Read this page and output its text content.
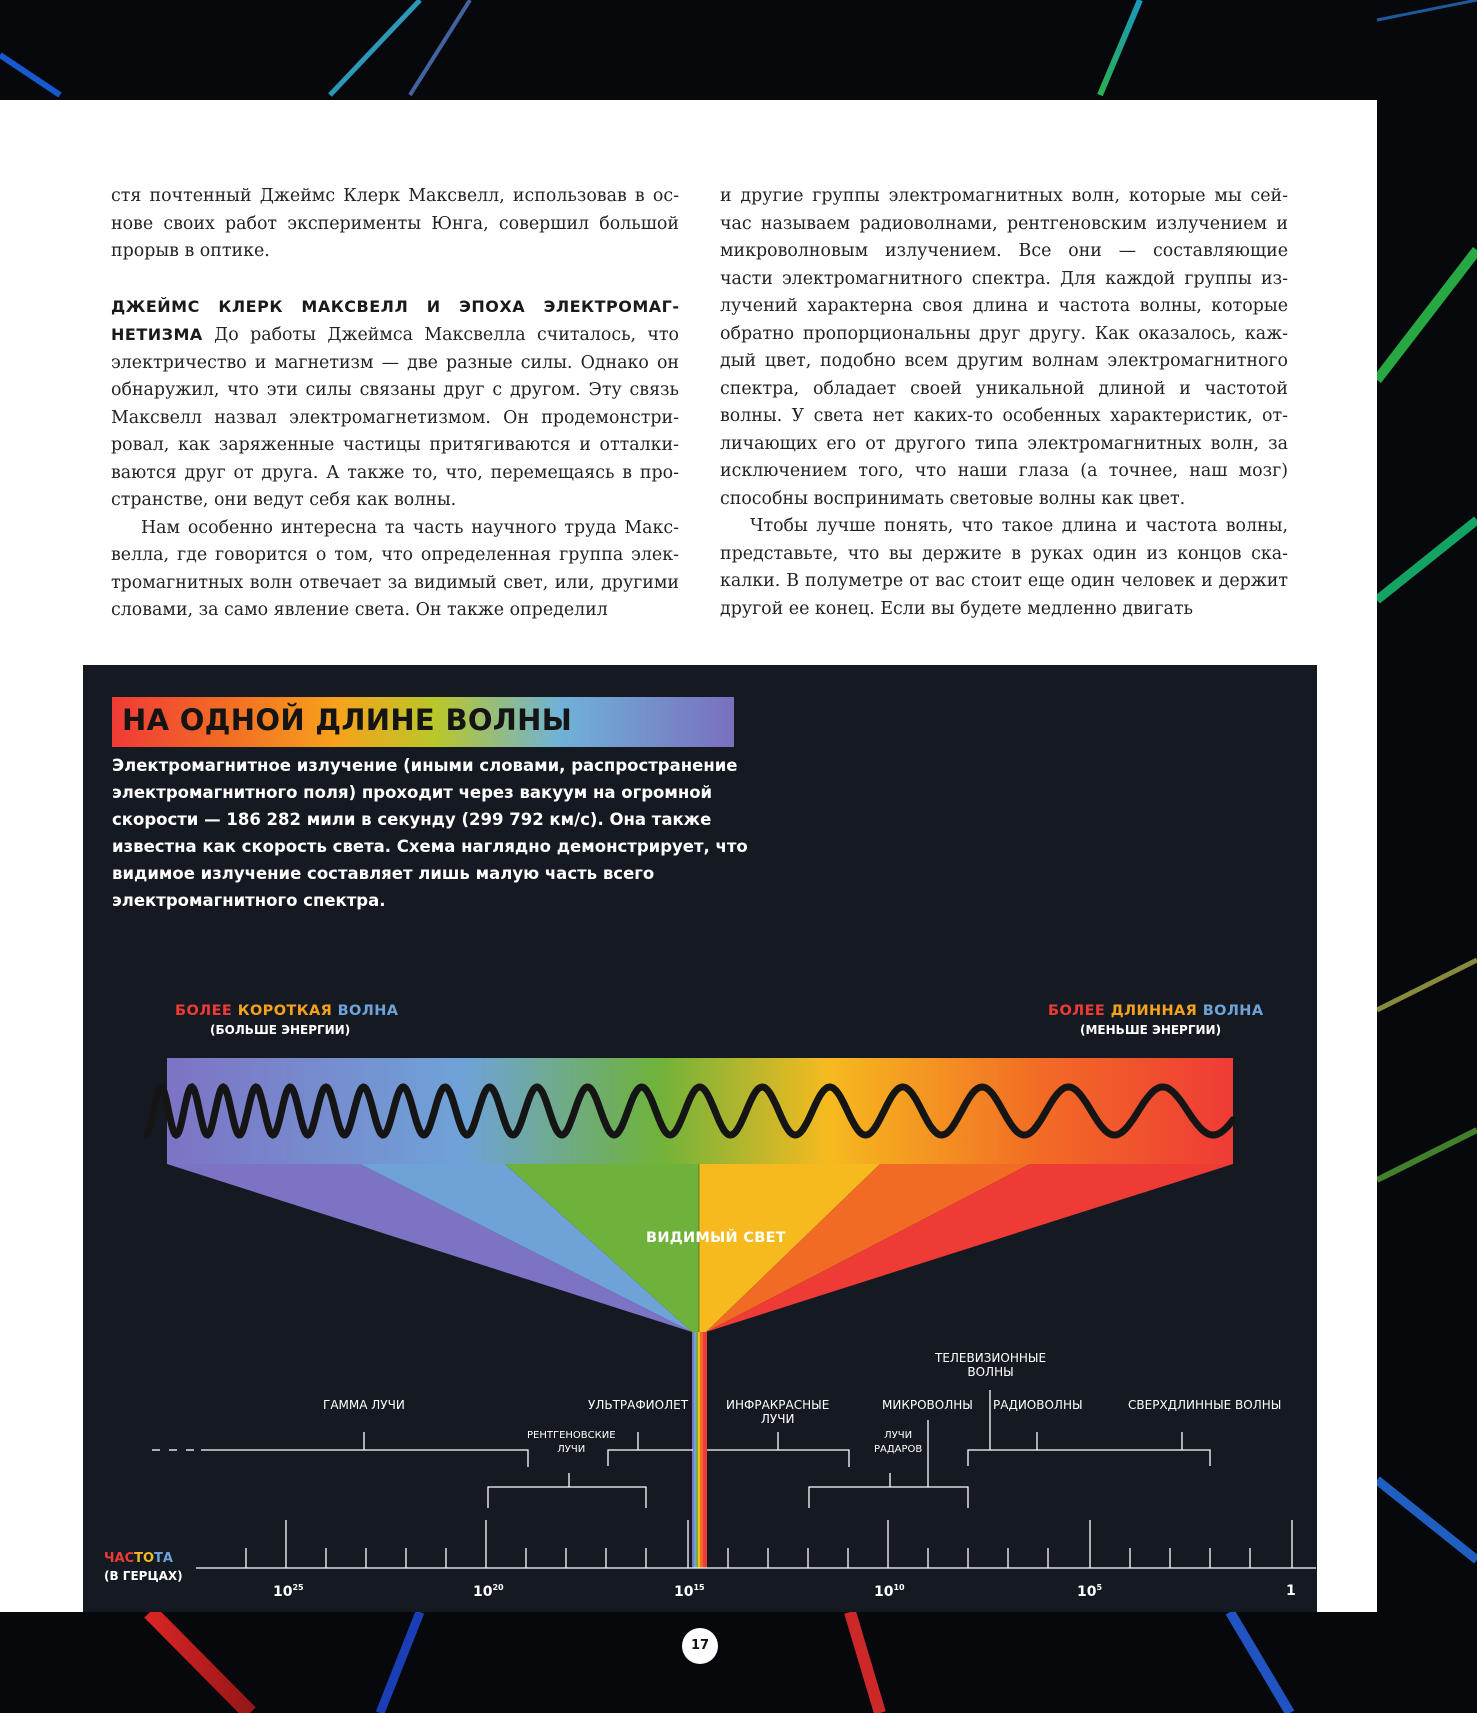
стя почтенный Джеймс Клерк Максвелл, использовав в основе своих работ эксперименты Юнга, совершил большой прорыв в оптике.

ДЖЕЙМС КЛЕРК МАКСВЕЛЛ И ЭПОХА ЭЛЕКТРОМАГНЕТИЗМА До работы Джеймса Максвелла считалось, что электричество и магнетизм — две разные силы. Однако он обнаружил, что эти силы связаны друг с другом. Эту связь Максвелл назвал электромагнетизмом. Он продемонстрировал, как заряженные частицы притягиваются и отталкиваются друг от друга. А также то, что, перемещаясь в пространстве, они ведут себя как волны.

Нам особенно интересна та часть научного труда Максвелла, где говорится о том, что определенная группа электромагнитных волн отвечает за видимый свет, или, другими словами, за само явление света. Он также определил

и другие группы электромагнитных волн, которые мы сейчас называем радиоволнами, рентгеновским излучением и микроволновым излучением. Все они — составляющие части электромагнитного спектра. Для каждой группы излучений характерна своя длина и частота волны, которые обратно пропорциональны друг другу. Как оказалось, каждый цвет, подобно всем другим волнам электромагнитного спектра, обладает своей уникальной длиной и частотой волны. У света нет каких-то особенных характеристик, отличающих его от другого типа электромагнитных волн, за исключением того, что наши глаза (а точнее, наш мозг) способны воспринимать световые волны как цвет.

Чтобы лучше понять, что такое длина и частота волны, представьте, что вы держите в руках один из концов скакалки. В полуметре от вас стоит еще один человек и держит другой ее конец. Если вы будете медленно двигать

НА ОДНОЙ ДЛИНЕ ВОЛНЫ
Электромагнитное излучение (иными словами, распространение электромагнитного поля) проходит через вакуум на огромной скорости — 186 282 мили в секунду (299 792 км/с). Она также известна как скорость света. Схема наглядно демонстрирует, что видимое излучение составляет лишь малую часть всего электромагнитного спектра.
БОЛЕЕ КОРОТКАЯ ВОЛНА
(БОЛЬШЕ ЭНЕРГИИ)
БОЛЕЕ ДЛИННАЯ ВОЛНА
(МЕНЬШЕ ЭНЕРГИИ)
ВИДИМЫЙ СВЕТ
ГАММА ЛУЧИ
РЕНТГЕНОВСКИЕ
ЛУЧИ
УЛЬТРАФИОЛЕТ	ИНФРАКРАСНЫЕ
ЛУЧИ
МИКРОВОЛНЫ
ЛУЧИ
РАДАРОВ
ТЕЛЕВИЗИОННЫЕ
ВОЛНЫ
РАДИОВОЛНЫ	СВЕРХДЛИННЫЕ ВОЛНЫ
ЧАСТОТА
(В ГЕРЦАХ)
$10^{25}$	$10^{20}$	$10^{15}$	$10^{10}$	$10^5$	1
17
